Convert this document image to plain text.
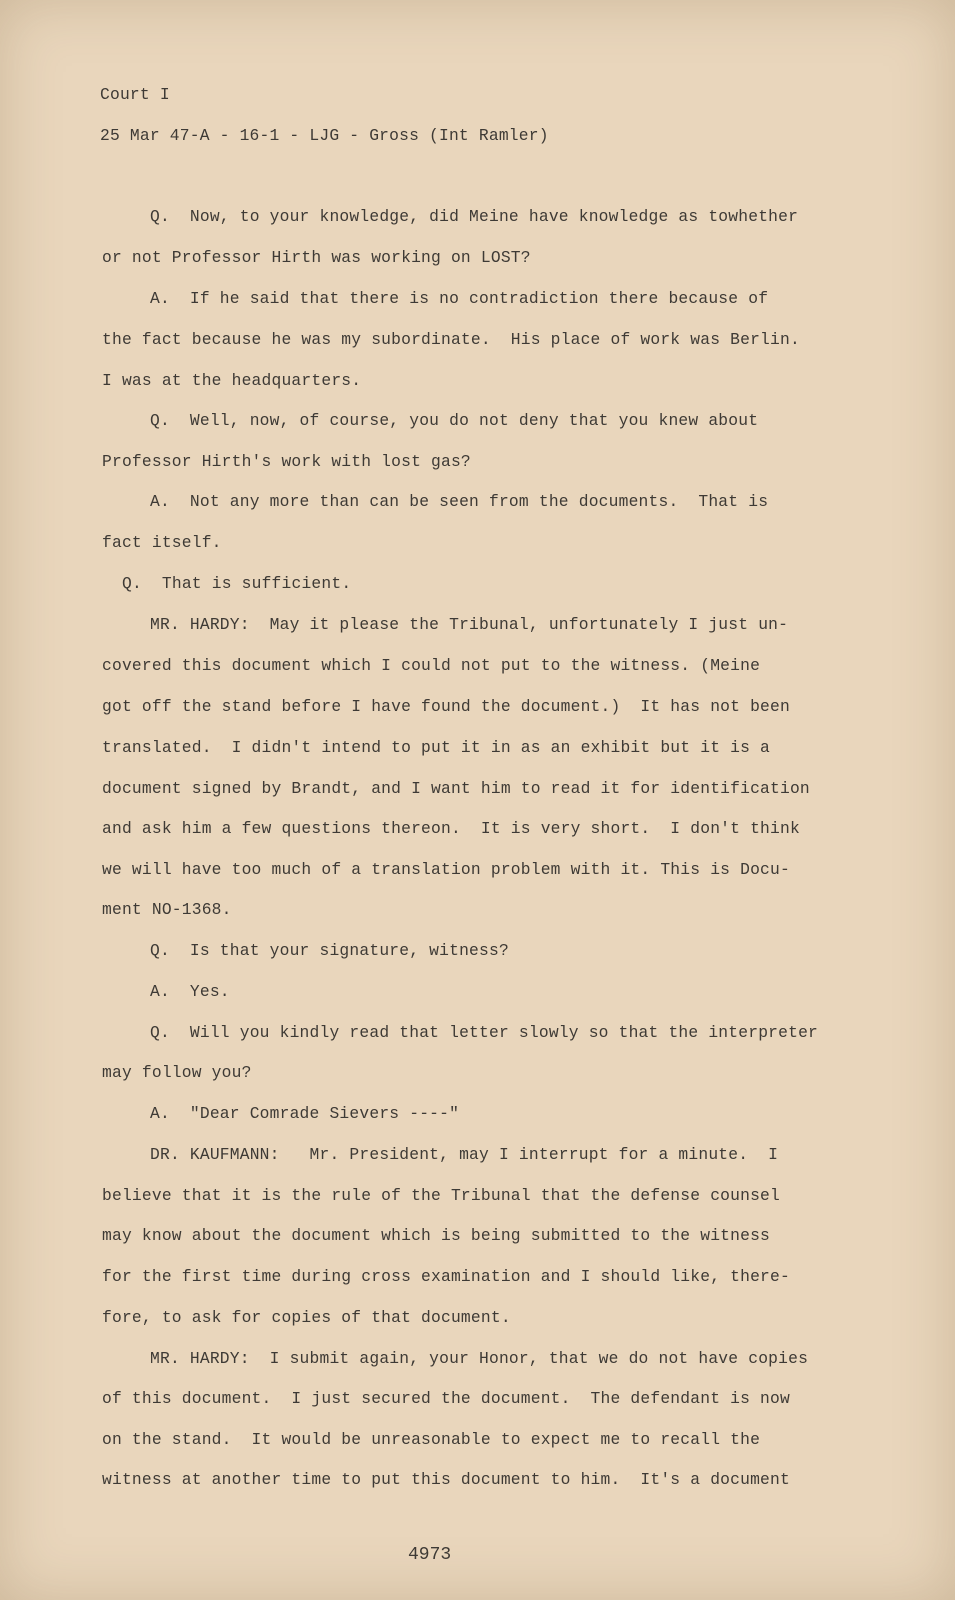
Court I
25 Mar 47-A - 16-1 - LJG - Gross (Int Ramler)
Q.  Now, to your knowledge, did Meine have knowledge as towhether
or not Professor Hirth was working on LOST?
A.  If he said that there is no contradiction there because of
the fact because he was my subordinate.  His place of work was Berlin.
I was at the headquarters.
Q.  Well, now, of course, you do not deny that you knew about
Professor Hirth's work with lost gas?
A.  Not any more than can be seen from the documents.  That is
fact itself.
Q.  That is sufficient.
MR. HARDY:  May it please the Tribunal, unfortunately I just un-
covered this document which I could not put to the witness. (Meine
got off the stand before I have found the document.)  It has not been
translated.  I didn't intend to put it in as an exhibit but it is a
document signed by Brandt, and I want him to read it for identification
and ask him a few questions thereon.  It is very short.  I don't think
we will have too much of a translation problem with it. This is Docu-
ment NO-1368.
Q.  Is that your signature, witness?
A.  Yes.
Q.  Will you kindly read that letter slowly so that the interpreter
may follow you?
A.  "Dear Comrade Sievers ----"
DR. KAUFMANN:   Mr. President, may I interrupt for a minute.  I
believe that it is the rule of the Tribunal that the defense counsel
may know about the document which is being submitted to the witness
for the first time during cross examination and I should like, there-
fore, to ask for copies of that document.
MR. HARDY:  I submit again, your Honor, that we do not have copies
of this document.  I just secured the document.  The defendant is now
on the stand.  It would be unreasonable to expect me to recall the
witness at another time to put this document to him.  It's a document
4973
